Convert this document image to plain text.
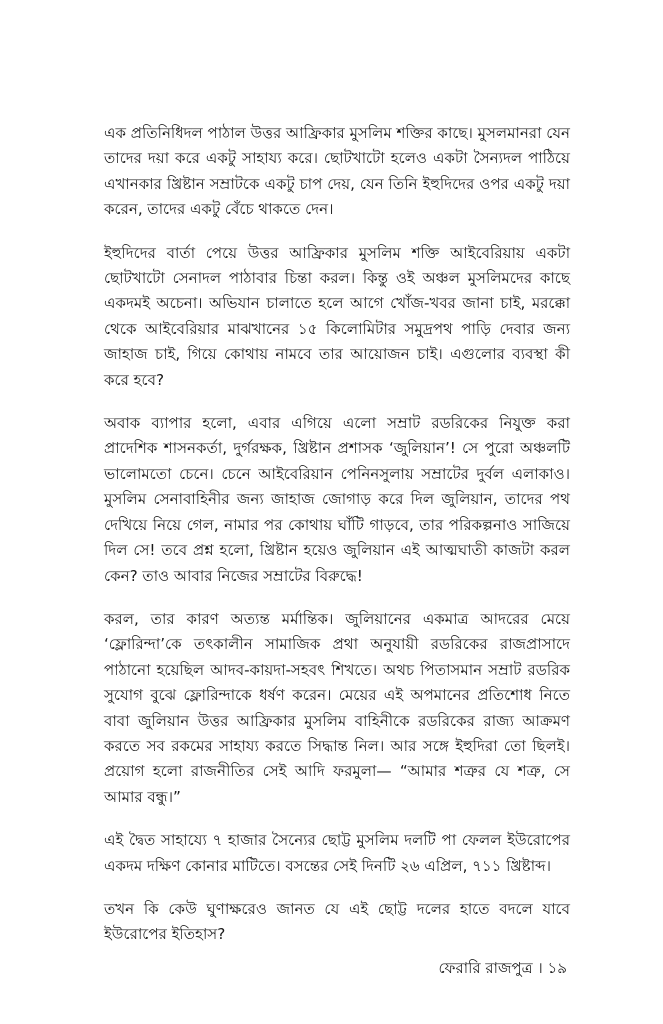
এক প্রতিনিধিদল পাঠাল উত্তর আফ্রিকার মুসলিম শক্তির কাছে। মুসলমানরা যেন তাদের দয়া করে একটু সাহায্য করে। ছোটখাটো হলেও একটা সৈন্যদল পাঠিয়ে এখানকার খ্রিষ্টান সম্রাটকে একটু চাপ দেয়, যেন তিনি ইহুদিদের ওপর একটু দয়া করেন, তাদের একটু বেঁচে থাকতে দেন।

ইহুদিদের বার্তা পেয়ে উত্তর আফ্রিকার মুসলিম শক্তি আইবেরিয়ায় একটা ছোটখাটো সেনাদল পাঠাবার চিন্তা করল। কিন্তু ওই অঞ্চল মুসলিমদের কাছে একদমই অচেনা। অভিযান চালাতে হলে আগে খোঁজ-খবর জানা চাই, মরক্কো থেকে আইবেরিয়ার মাঝখানের ১৫ কিলোমিটার সমুদ্রপথ পাড়ি দেবার জন্য জাহাজ চাই, গিয়ে কোথায় নামবে তার আয়োজন চাই। এগুলোর ব্যবস্থা কী করে হবে?

অবাক ব্যাপার হলো, এবার এগিয়ে এলো সম্রাট রডরিকের নিযুক্ত করা প্রাদেশিক শাসনকর্তা, দুর্গরক্ষক, খ্রিষ্টান প্রশাসক ‘জুলিয়ান’! সে পুরো অঞ্চলটি ভালোমতো চেনে। চেনে আইবেরিয়ান পেনিনসুলায় সম্রাটের দুর্বল এলাকাও। মুসলিম সেনাবাহিনীর জন্য জাহাজ জোগাড় করে দিল জুলিয়ান, তাদের পথ দেখিয়ে নিয়ে গেল, নামার পর কোথায় ঘাঁটি গাড়বে, তার পরিকল্পনাও সাজিয়ে দিল সে! তবে প্রশ্ন হলো, খ্রিষ্টান হয়েও জুলিয়ান এই আত্মঘাতী কাজটা করল কেন? তাও আবার নিজের সম্রাটের বিরুদ্ধে!

করল, তার কারণ অত্যন্ত মর্মান্তিক। জুলিয়ানের একমাত্র আদরের মেয়ে ‘ফ্লোরিন্দা’কে তৎকালীন সামাজিক প্রথা অনুযায়ী রডরিকের রাজপ্রাসাদে পাঠানো হয়েছিল আদব-কায়দা-সহবৎ শিখতে। অথচ পিতাসমান সম্রাট রডরিক সুযোগ বুঝে ফ্লোরিন্দাকে ধর্ষণ করেন। মেয়ের এই অপমানের প্রতিশোধ নিতে বাবা জুলিয়ান উত্তর আফ্রিকার মুসলিম বাহিনীকে রডরিকের রাজ্য আক্রমণ করতে সব রকমের সাহায্য করতে সিদ্ধান্ত নিল। আর সঙ্গে ইহুদিরা তো ছিলই। প্রয়োগ হলো রাজনীতির সেই আদি ফরমুলা— “আমার শত্রুর যে শত্রু, সে আমার বন্ধু।”

এই দ্বৈত সাহায্যে ৭ হাজার সৈন্যের ছোট্ট মুসলিম দলটি পা ফেলল ইউরোপের একদম দক্ষিণ কোনার মাটিতে। বসন্তের সেই দিনটি ২৬ এপ্রিল, ৭১১ খ্রিষ্টাব্দ।

তখন কি কেউ ঘুণাক্ষরেও জানত যে এই ছোট্ট দলের হাতে বদলে যাবে ইউরোপের ইতিহাস?

ফেরারি রাজপুত্র । ১৯
